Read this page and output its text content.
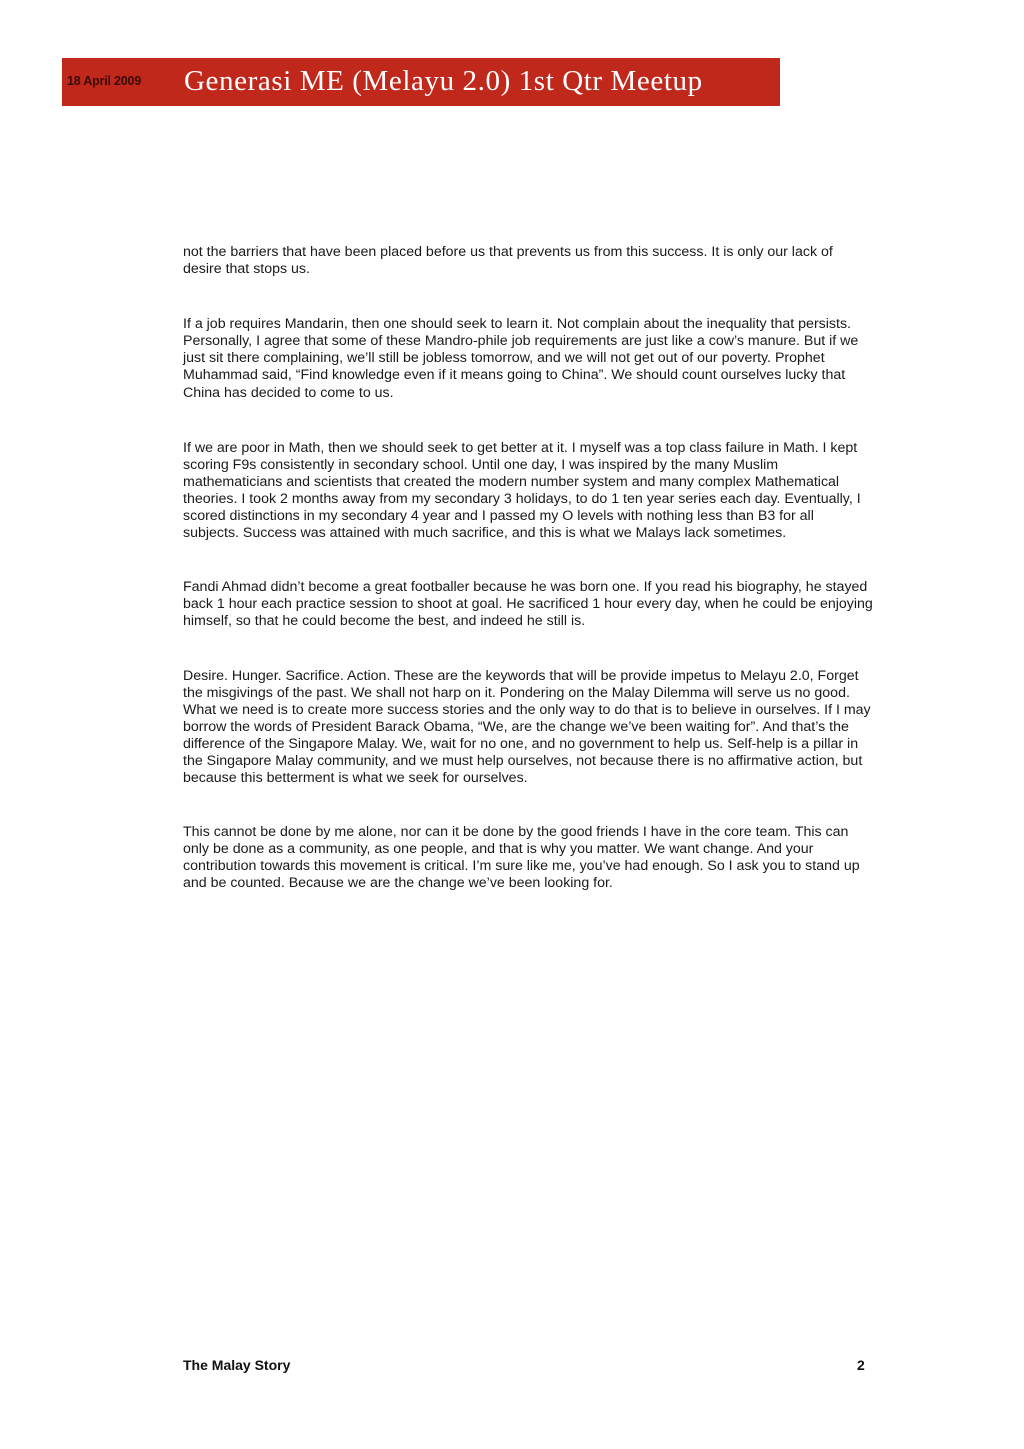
18 April 2009 Generasi ME (Melayu 2.0) 1st Qtr Meetup

not the barriers that have been placed before us that prevents us from this success. It is only our lack of desire that stops us.

If a job requires Mandarin, then one should seek to learn it. Not complain about the inequality that persists. Personally, I agree that some of these Mandro-phile job requirements are just like a cow’s manure. But if we just sit there complaining, we’ll still be jobless tomorrow, and we will not get out of our poverty. Prophet Muhammad said, “Find knowledge even if it means going to China”. We should count ourselves lucky that China has decided to come to us.

If we are poor in Math, then we should seek to get better at it. I myself was a top class failure in Math. I kept scoring F9s consistently in secondary school. Until one day, I was inspired by the many Muslim mathematicians and scientists that created the modern number system and many complex Mathematical theories. I took 2 months away from my secondary 3 holidays, to do 1 ten year series each day. Eventually, I scored distinctions in my secondary 4 year and I passed my O levels with nothing less than B3 for all subjects. Success was attained with much sacrifice, and this is what we Malays lack sometimes.

Fandi Ahmad didn’t become a great footballer because he was born one. If you read his biography, he stayed back 1 hour each practice session to shoot at goal. He sacrificed 1 hour every day, when he could be enjoying himself, so that he could become the best, and indeed he still is.

Desire. Hunger. Sacrifice. Action. These are the keywords that will be provide impetus to Melayu 2.0, Forget the misgivings of the past. We shall not harp on it. Pondering on the Malay Dilemma will serve us no good. What we need is to create more success stories and the only way to do that is to believe in ourselves. If I may borrow the words of President Barack Obama, “We, are the change we’ve been waiting for”. And that’s the difference of the Singapore Malay. We, wait for no one, and no government to help us. Self-help is a pillar in the Singapore Malay community, and we must help ourselves, not because there is no affirmative action, but because this betterment is what we seek for ourselves.

This cannot be done by me alone, nor can it be done by the good friends I have in the core team. This can only be done as a community, as one people, and that is why you matter. We want change. And your contribution towards this movement is critical. I’m sure like me, you’ve had enough. So I ask you to stand up and be counted. Because we are the change we’ve been looking for.

The Malay Story	2
